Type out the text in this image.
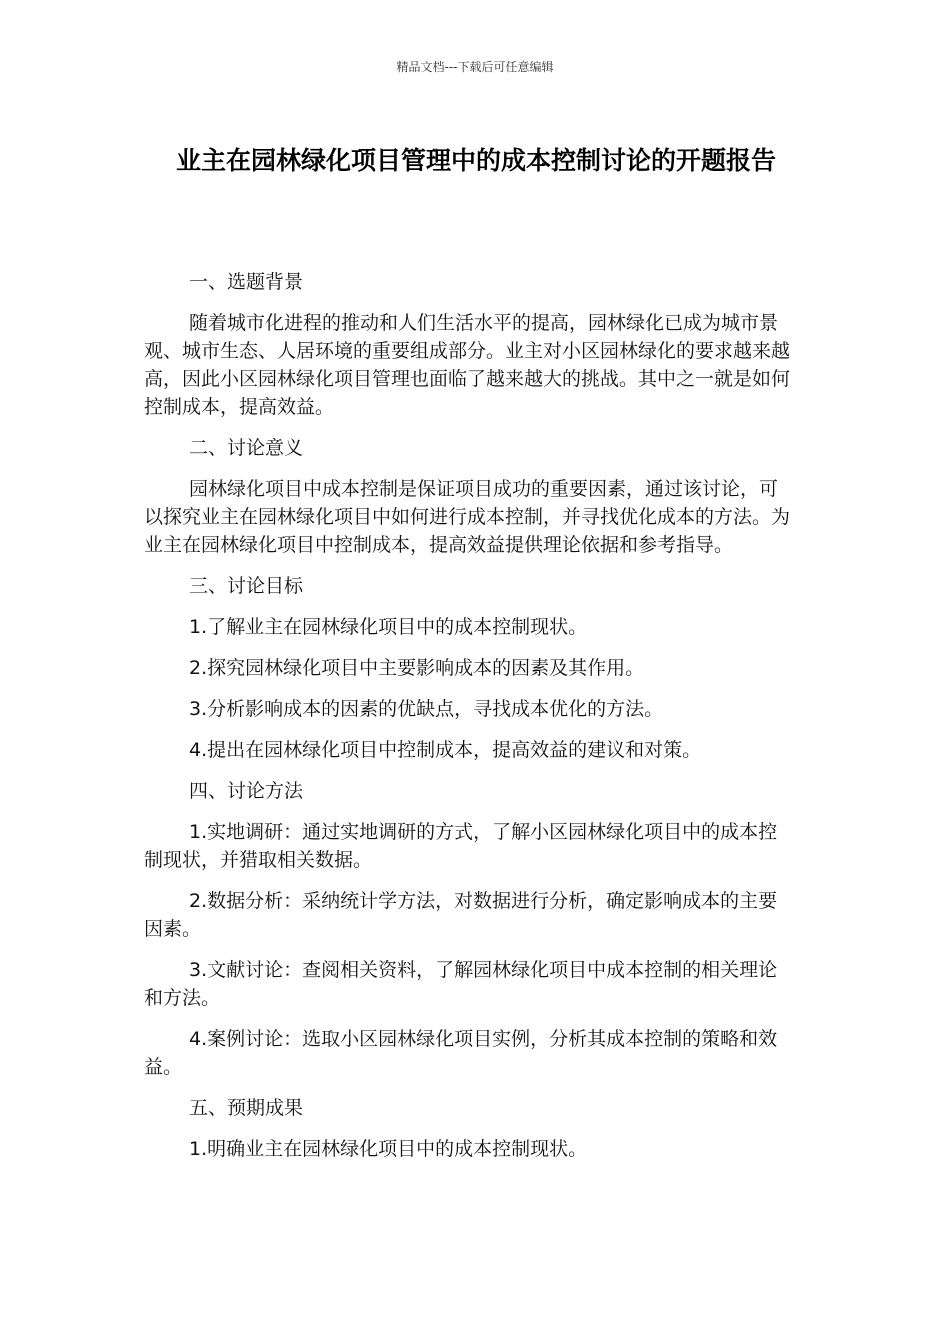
精品文档---下载后可任意编辑
业主在园林绿化项目管理中的成本控制讨论的开题报告

一、选题背景

随着城市化进程的推动和人们生活水平的提高，园林绿化已成为城市景观、城市生态、人居环境的重要组成部分。业主对小区园林绿化的要求越来越高，因此小区园林绿化项目管理也面临了越来越大的挑战。其中之一就是如何控制成本，提高效益。

二、讨论意义

园林绿化项目中成本控制是保证项目成功的重要因素，通过该讨论，可以探究业主在园林绿化项目中如何进行成本控制，并寻找优化成本的方法。为业主在园林绿化项目中控制成本，提高效益提供理论依据和参考指导。

三、讨论目标

1.了解业主在园林绿化项目中的成本控制现状。

2.探究园林绿化项目中主要影响成本的因素及其作用。

3.分析影响成本的因素的优缺点，寻找成本优化的方法。

4.提出在园林绿化项目中控制成本，提高效益的建议和对策。

四、讨论方法

1.实地调研：通过实地调研的方式，了解小区园林绿化项目中的成本控制现状，并猎取相关数据。

2.数据分析：采纳统计学方法，对数据进行分析，确定影响成本的主要因素。

3.文献讨论：查阅相关资料，了解园林绿化项目中成本控制的相关理论和方法。

4.案例讨论：选取小区园林绿化项目实例，分析其成本控制的策略和效益。

五、预期成果

1.明确业主在园林绿化项目中的成本控制现状。
